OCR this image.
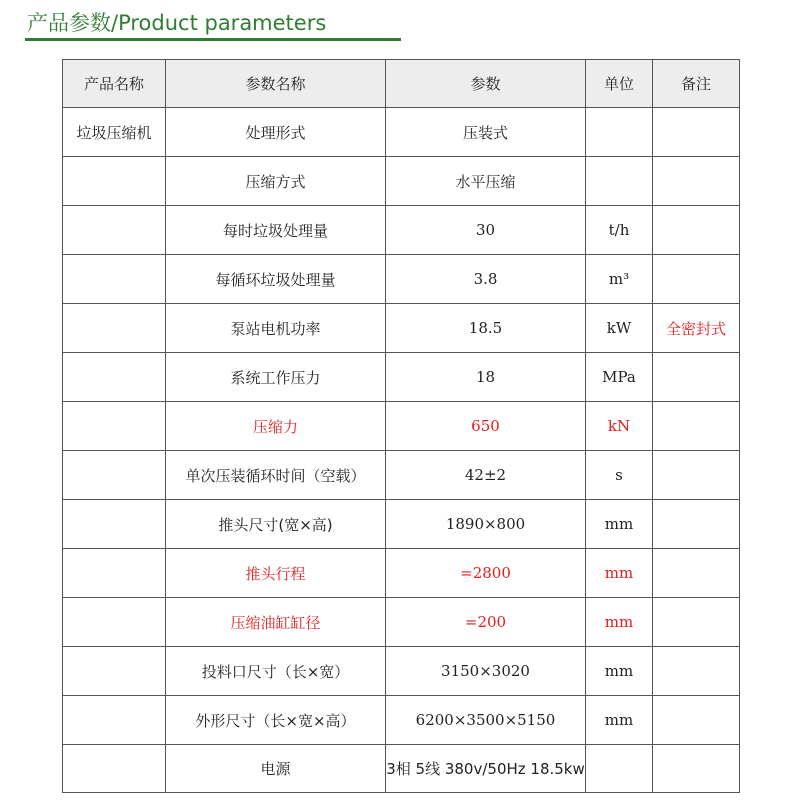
产品参数/Product parameters
产品名称	参数名称	参数	单位	备注
垃圾压缩机	处理形式	压装式		
	压缩方式	水平压缩		
	每时垃圾处理量	30	t/h	
	每循环垃圾处理量	3.8	m³	
	泵站电机功率	18.5	kW	全密封式
	系统工作压力	18	MPa	
	压缩力	650	kN	
	单次压装循环时间（空载）	42±2	s	
	推头尺寸(宽×高)	1890×800	mm	
	推头行程	=2800	mm	
	压缩油缸缸径	=200	mm	
	投料口尺寸（长×宽）	3150×3020	mm	
	外形尺寸（长×宽×高）	6200×3500×5150	mm	
	电源	3相 5线 380v/50Hz 18.5kw		
